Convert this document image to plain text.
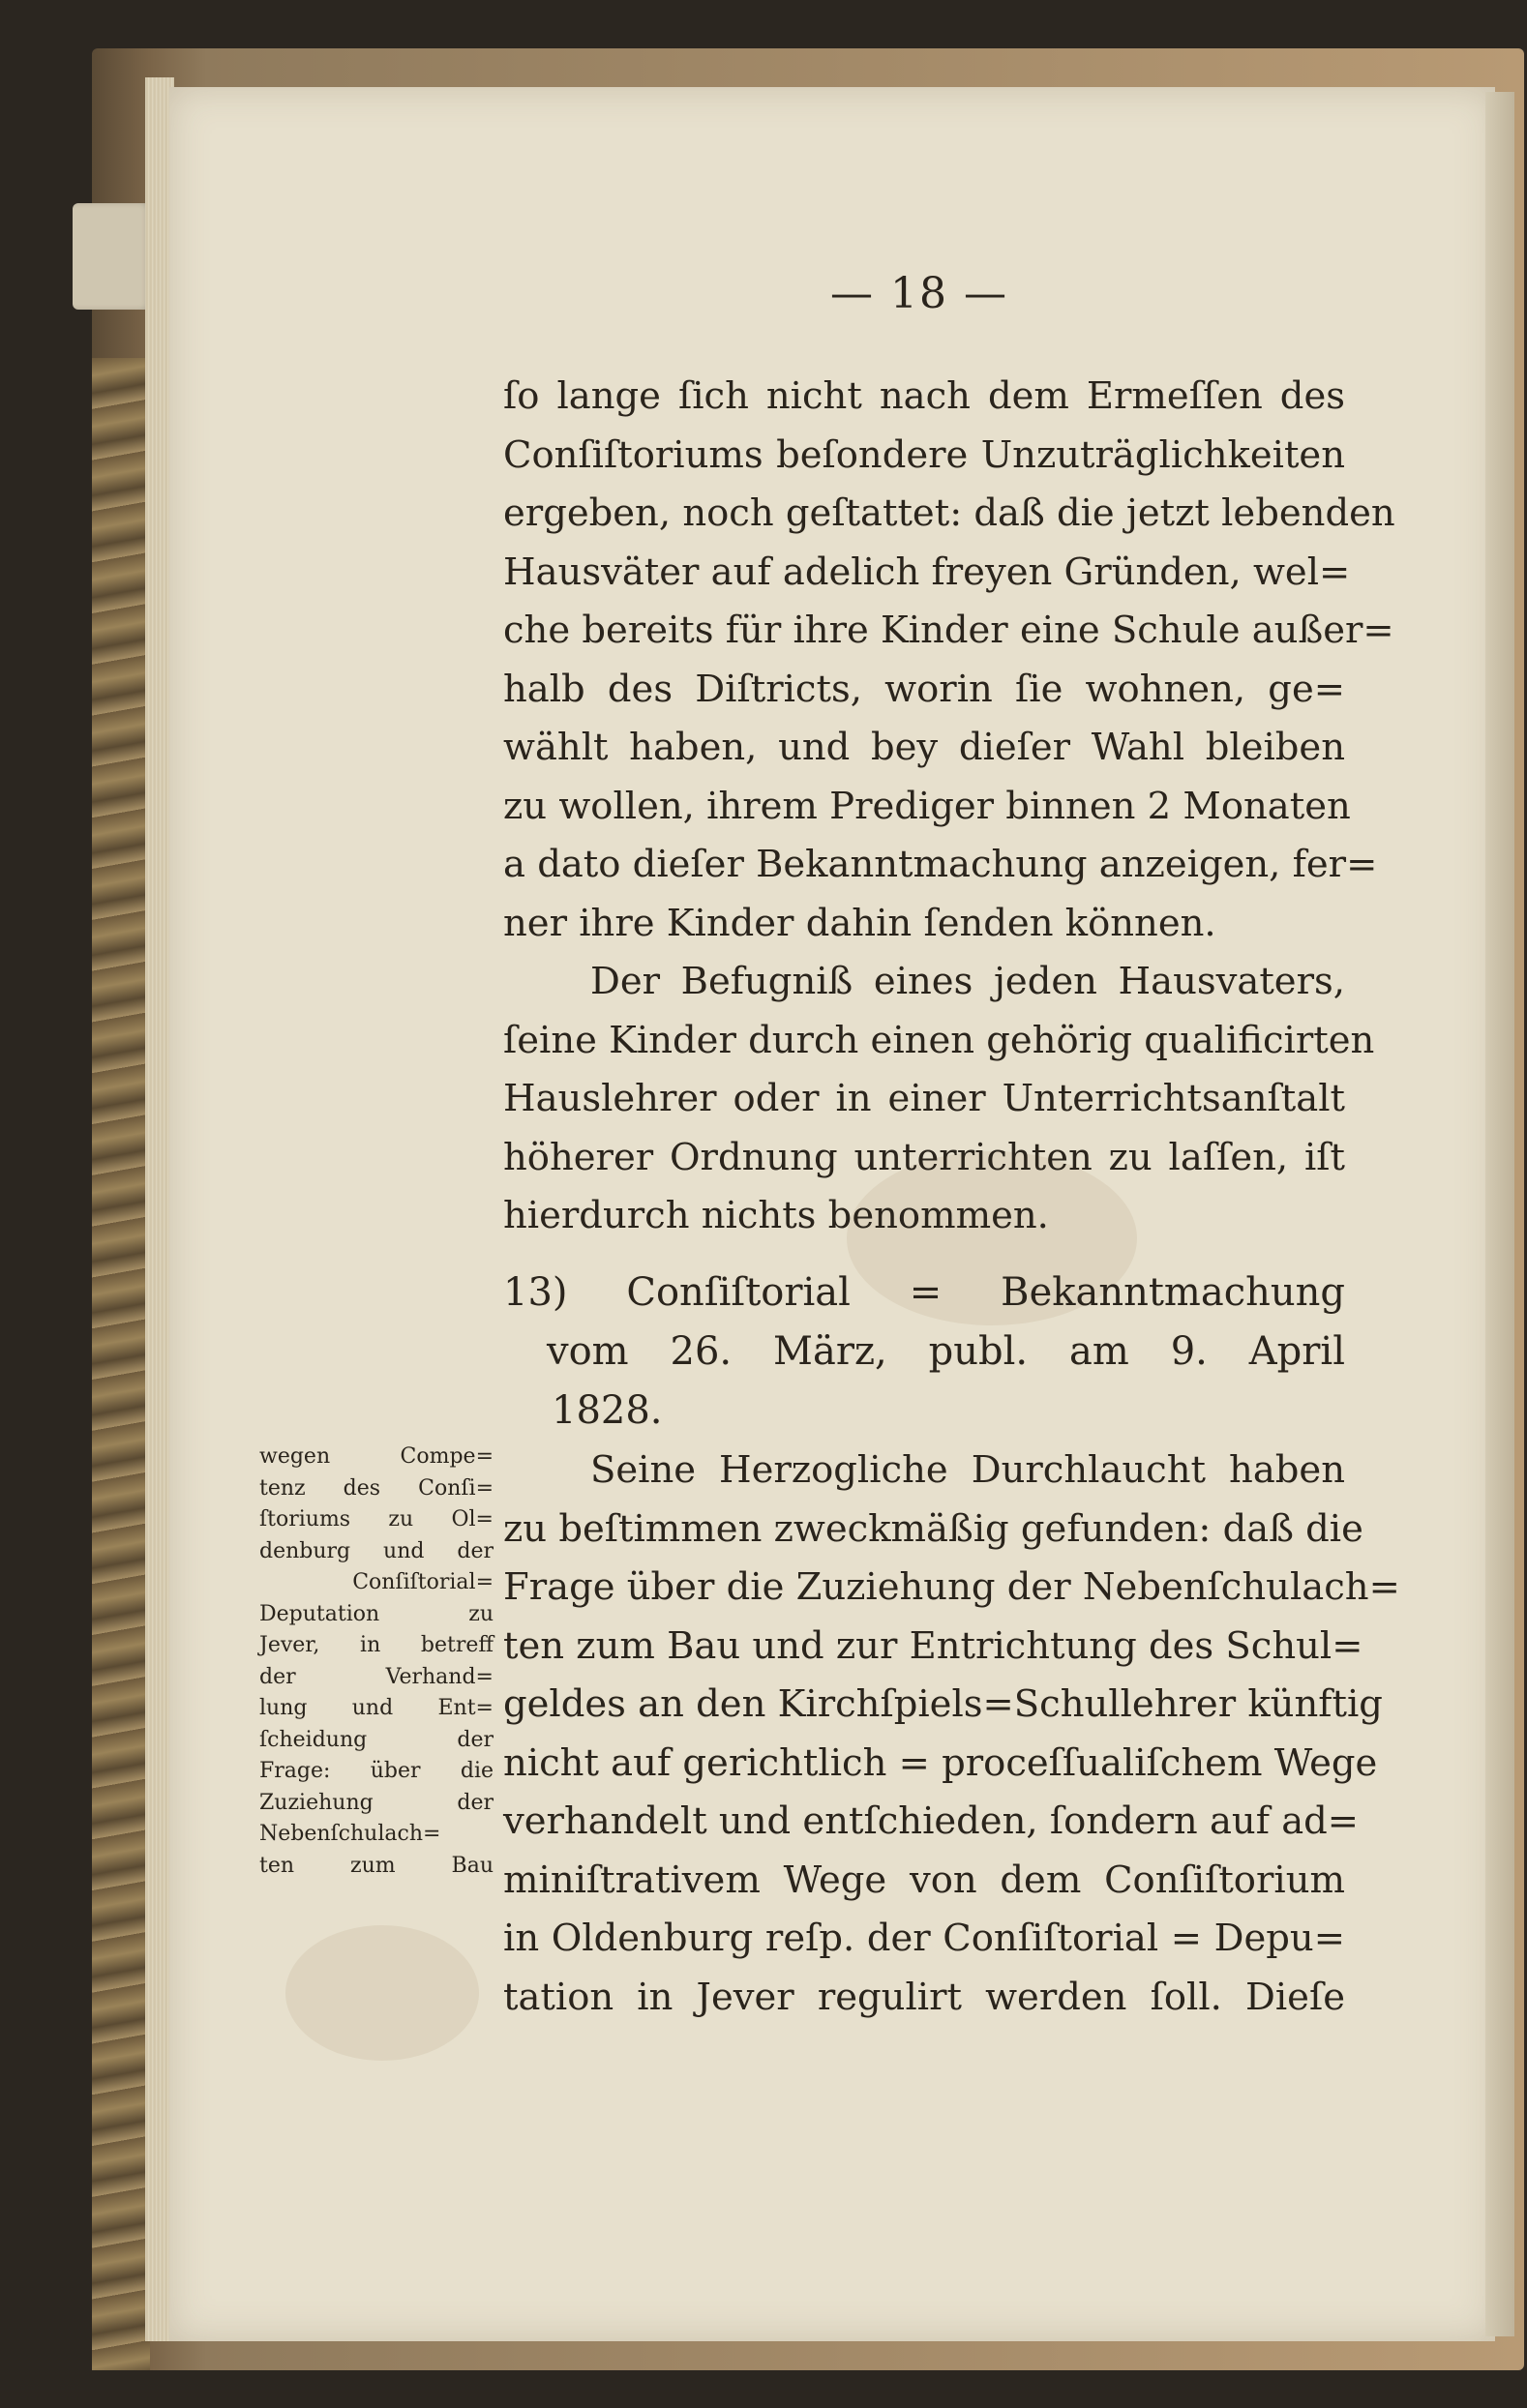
— 18 —
ſo lange ſich nicht nach dem Ermeſſen des
Conſiſtoriums beſondere Unzuträglichkeiten
ergeben, noch geſtattet: daß die jetzt lebenden
Hausväter auf adelich freyen Gründen, wel=
che bereits für ihre Kinder eine Schule außer=
halb des Diſtricts, worin ſie wohnen, ge=
wählt haben, und bey dieſer Wahl bleiben
zu wollen, ihrem Prediger binnen 2 Monaten
a dato dieſer Bekanntmachung anzeigen, fer=
ner ihre Kinder dahin ſenden können.
Der Befugniß eines jeden Hausvaters,
ſeine Kinder durch einen gehörig qualificirten
Hauslehrer oder in einer Unterrichtsanſtalt
höherer Ordnung unterrichten zu laſſen, iſt
hierdurch nichts benommen.
13) Conſiſtorial = Bekanntmachung
vom 26. März, publ. am 9. April
1828.
wegen Compe=
tenz des Conſi=
ſtoriums zu Ol=
denburg und der
Conſiſtorial=
Deputation zu
Jever, in betreff
der Verhand=
lung und Ent=
ſcheidung der
Frage: über die
Zuziehung der
Nebenſchulach=
ten zum Bau
Seine Herzogliche Durchlaucht haben
zu beſtimmen zweckmäßig gefunden: daß die
Frage über die Zuziehung der Nebenſchulach=
ten zum Bau und zur Entrichtung des Schul=
geldes an den Kirchſpiels=Schullehrer künftig
nicht auf gerichtlich = proceſſualiſchem Wege
verhandelt und entſchieden, ſondern auf ad=
miniſtrativem Wege von dem Conſiſtorium
in Oldenburg reſp. der Conſiſtorial = Depu=
tation in Jever regulirt werden ſoll. Dieſe
